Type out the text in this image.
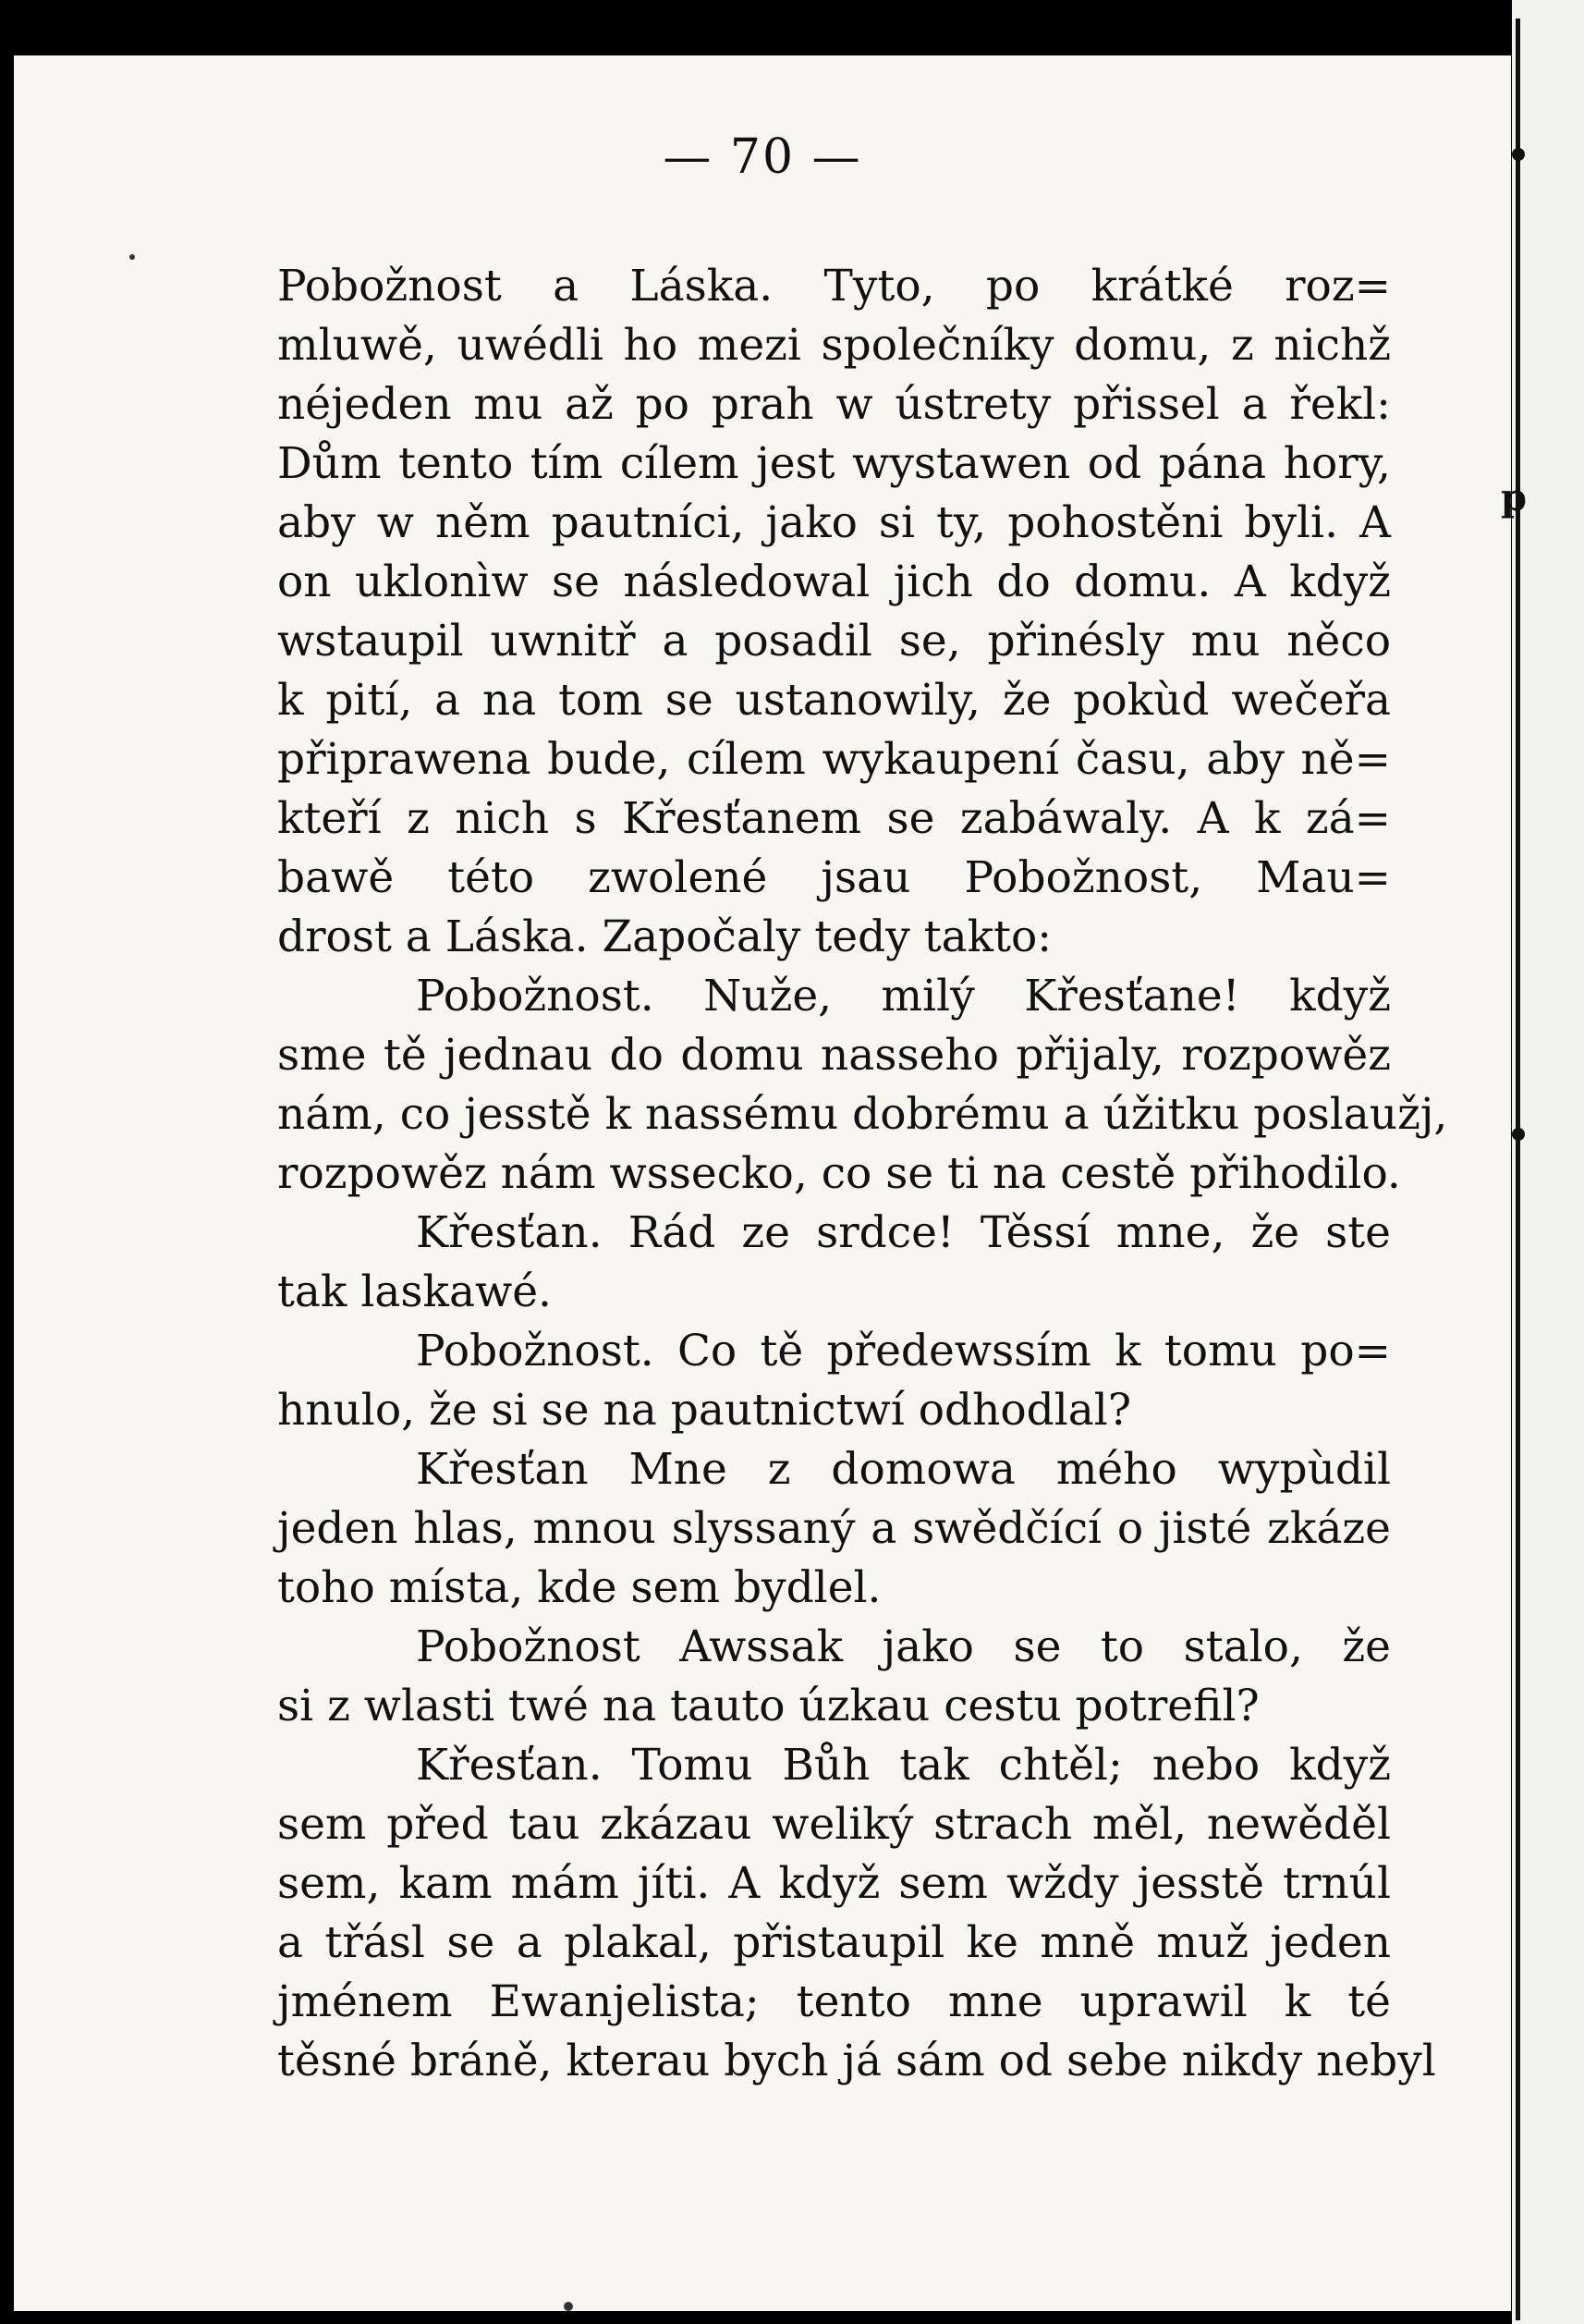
— 70 —
Pobožnost a Láska. Tyto, po krátké roz=
mluwě, uwédli ho mezi společníky domu, z nichž
néjeden mu až po prah w ústrety přissel a řekl:
Dům tento tím cílem jest wystawen od pána hory,
aby w něm pautníci, jako si ty, pohostěni byli. A
on uklonìw se následowal jich do domu. A když
wstaupil uwnitř a posadil se, přinésly mu něco
k pití, a na tom se ustanowily, že pokùd wečeřa
připrawena bude, cílem wykaupení času, aby ně=
kteří z nich s Křesťanem se zabáwaly. A k zá=
bawě této zwolené jsau Pobožnost, Mau=
drost a Láska. Započaly tedy takto:
Pobožnost. Nuže, milý Křesťane! když
sme tě jednau do domu nasseho přijaly, rozpowěz
nám, co jesstě k nassému dobrému a úžitku poslaužj,
rozpowěz nám wssecko, co se ti na cestě přihodilo.
Křesťan. Rád ze srdce! Těssí mne, že ste
tak laskawé.
Pobožnost. Co tě předewssím k tomu po=
hnulo, že si se na pautnictwí odhodlal?
Křesťan Mne z domowa mého wypùdil
jeden hlas, mnou slyssaný a swědčící o jisté zkáze
toho místa, kde sem bydlel.
Pobožnost Awssak jako se to stalo, že
si z wlasti twé na tauto úzkau cestu potrefil?
Křesťan. Tomu Bůh tak chtěl; nebo když
sem před tau zkázau weliký strach měl, newěděl
sem, kam mám jíti. A když sem wždy jesstě trnúl
a třásl se a plakal, přistaupil ke mně muž jeden
jménem Ewanjelista; tento mne uprawil k té
těsné bráně, kterau bych já sám od sebe nikdy nebyl
p
